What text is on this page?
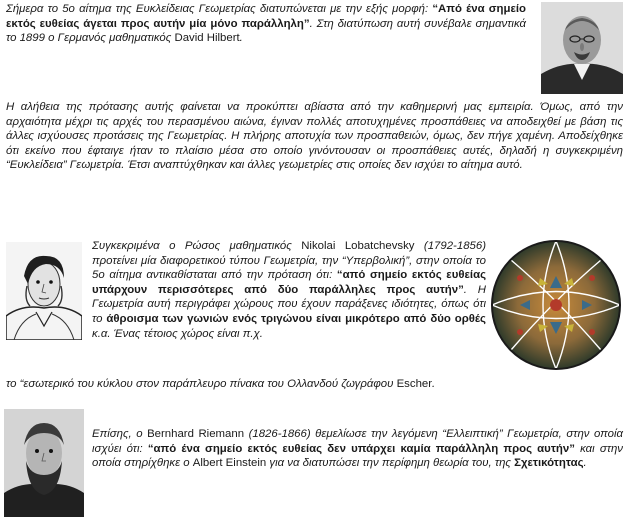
Σήμερα το 5ο αίτημα της Ευκλείδειας Γεωμετρίας διατυπώνεται με την εξής μορφή: “Από ένα σημείο εκτός ευθείας άγεται προς αυτήν μία μόνο παράλληλη”. Στη διατύπωση αυτή συνέβαλε σημαντικά το 1899 ο Γερμανός μαθηματικός David Hilbert.
Η αλήθεια της πρότασης αυτής φαίνεται να προκύπτει αβίαστα από την καθημερινή μας εμπειρία. Όμως, από την αρχαιότητα μέχρι τις αρχές του περασμένου αιώνα, έγιναν πολλές αποτυχημένες προσπάθειες να αποδειχθεί με βάση τις άλλες ισχύουσες προτάσεις της Γεωμετρίας. Η πλήρης αποτυχία των προσπαθειών, όμως, δεν πήγε χαμένη. Αποδείχθηκε ότι εκείνο που έφταιγε ήταν το πλαίσιο μέσα στο οποίο γινόντουσαν οι προσπάθειες αυτές, δηλαδή η συγκεκριμένη “Ευκλείδεια” Γεωμετρία. Έτσι αναπτύχθηκαν και άλλες γεωμετρίες στις οποίες δεν ισχύει το αίτημα αυτό.
Συγκεκριμένα ο Ρώσος μαθηματικός Nikolai Lobatchevsky (1792-1856) προτείνει μία διαφορετικού τύπου Γεωμετρία, την “Υπερβολική”, στην οποία το 5ο αίτημα αντικαθίσταται από την πρόταση ότι: “από σημείο εκτός ευθείας υπάρχουν περισσότερες από δύο παράλληλες προς αυτήν”. Η Γεωμετρία αυτή περιγράφει χώρους που έχουν παράξενες ιδιότητες, όπως ότι το άθροισμα των γωνιών ενός τριγώνου είναι μικρότερο από δύο ορθές κ.α. Ένας τέτοιος χώρος είναι π.χ.
το “εσωτερικό του κύκλου στον παράπλευρο πίνακα του Ολλανδού ζωγράφου Escher.
Επίσης, ο Bernhard Riemann (1826-1866) θεμελίωσε την λεγόμενη “Ελλειπτική” Γεωμετρία, στην οποία ισχύει ότι: “από ένα σημείο εκτός ευθείας δεν υπάρχει καμία παράλληλη προς αυτήν” και στην οποία στηρίχθηκε ο Albert Einstein για να διατυπώσει την περίφημη θεωρία του, της Σχετικότητας.
